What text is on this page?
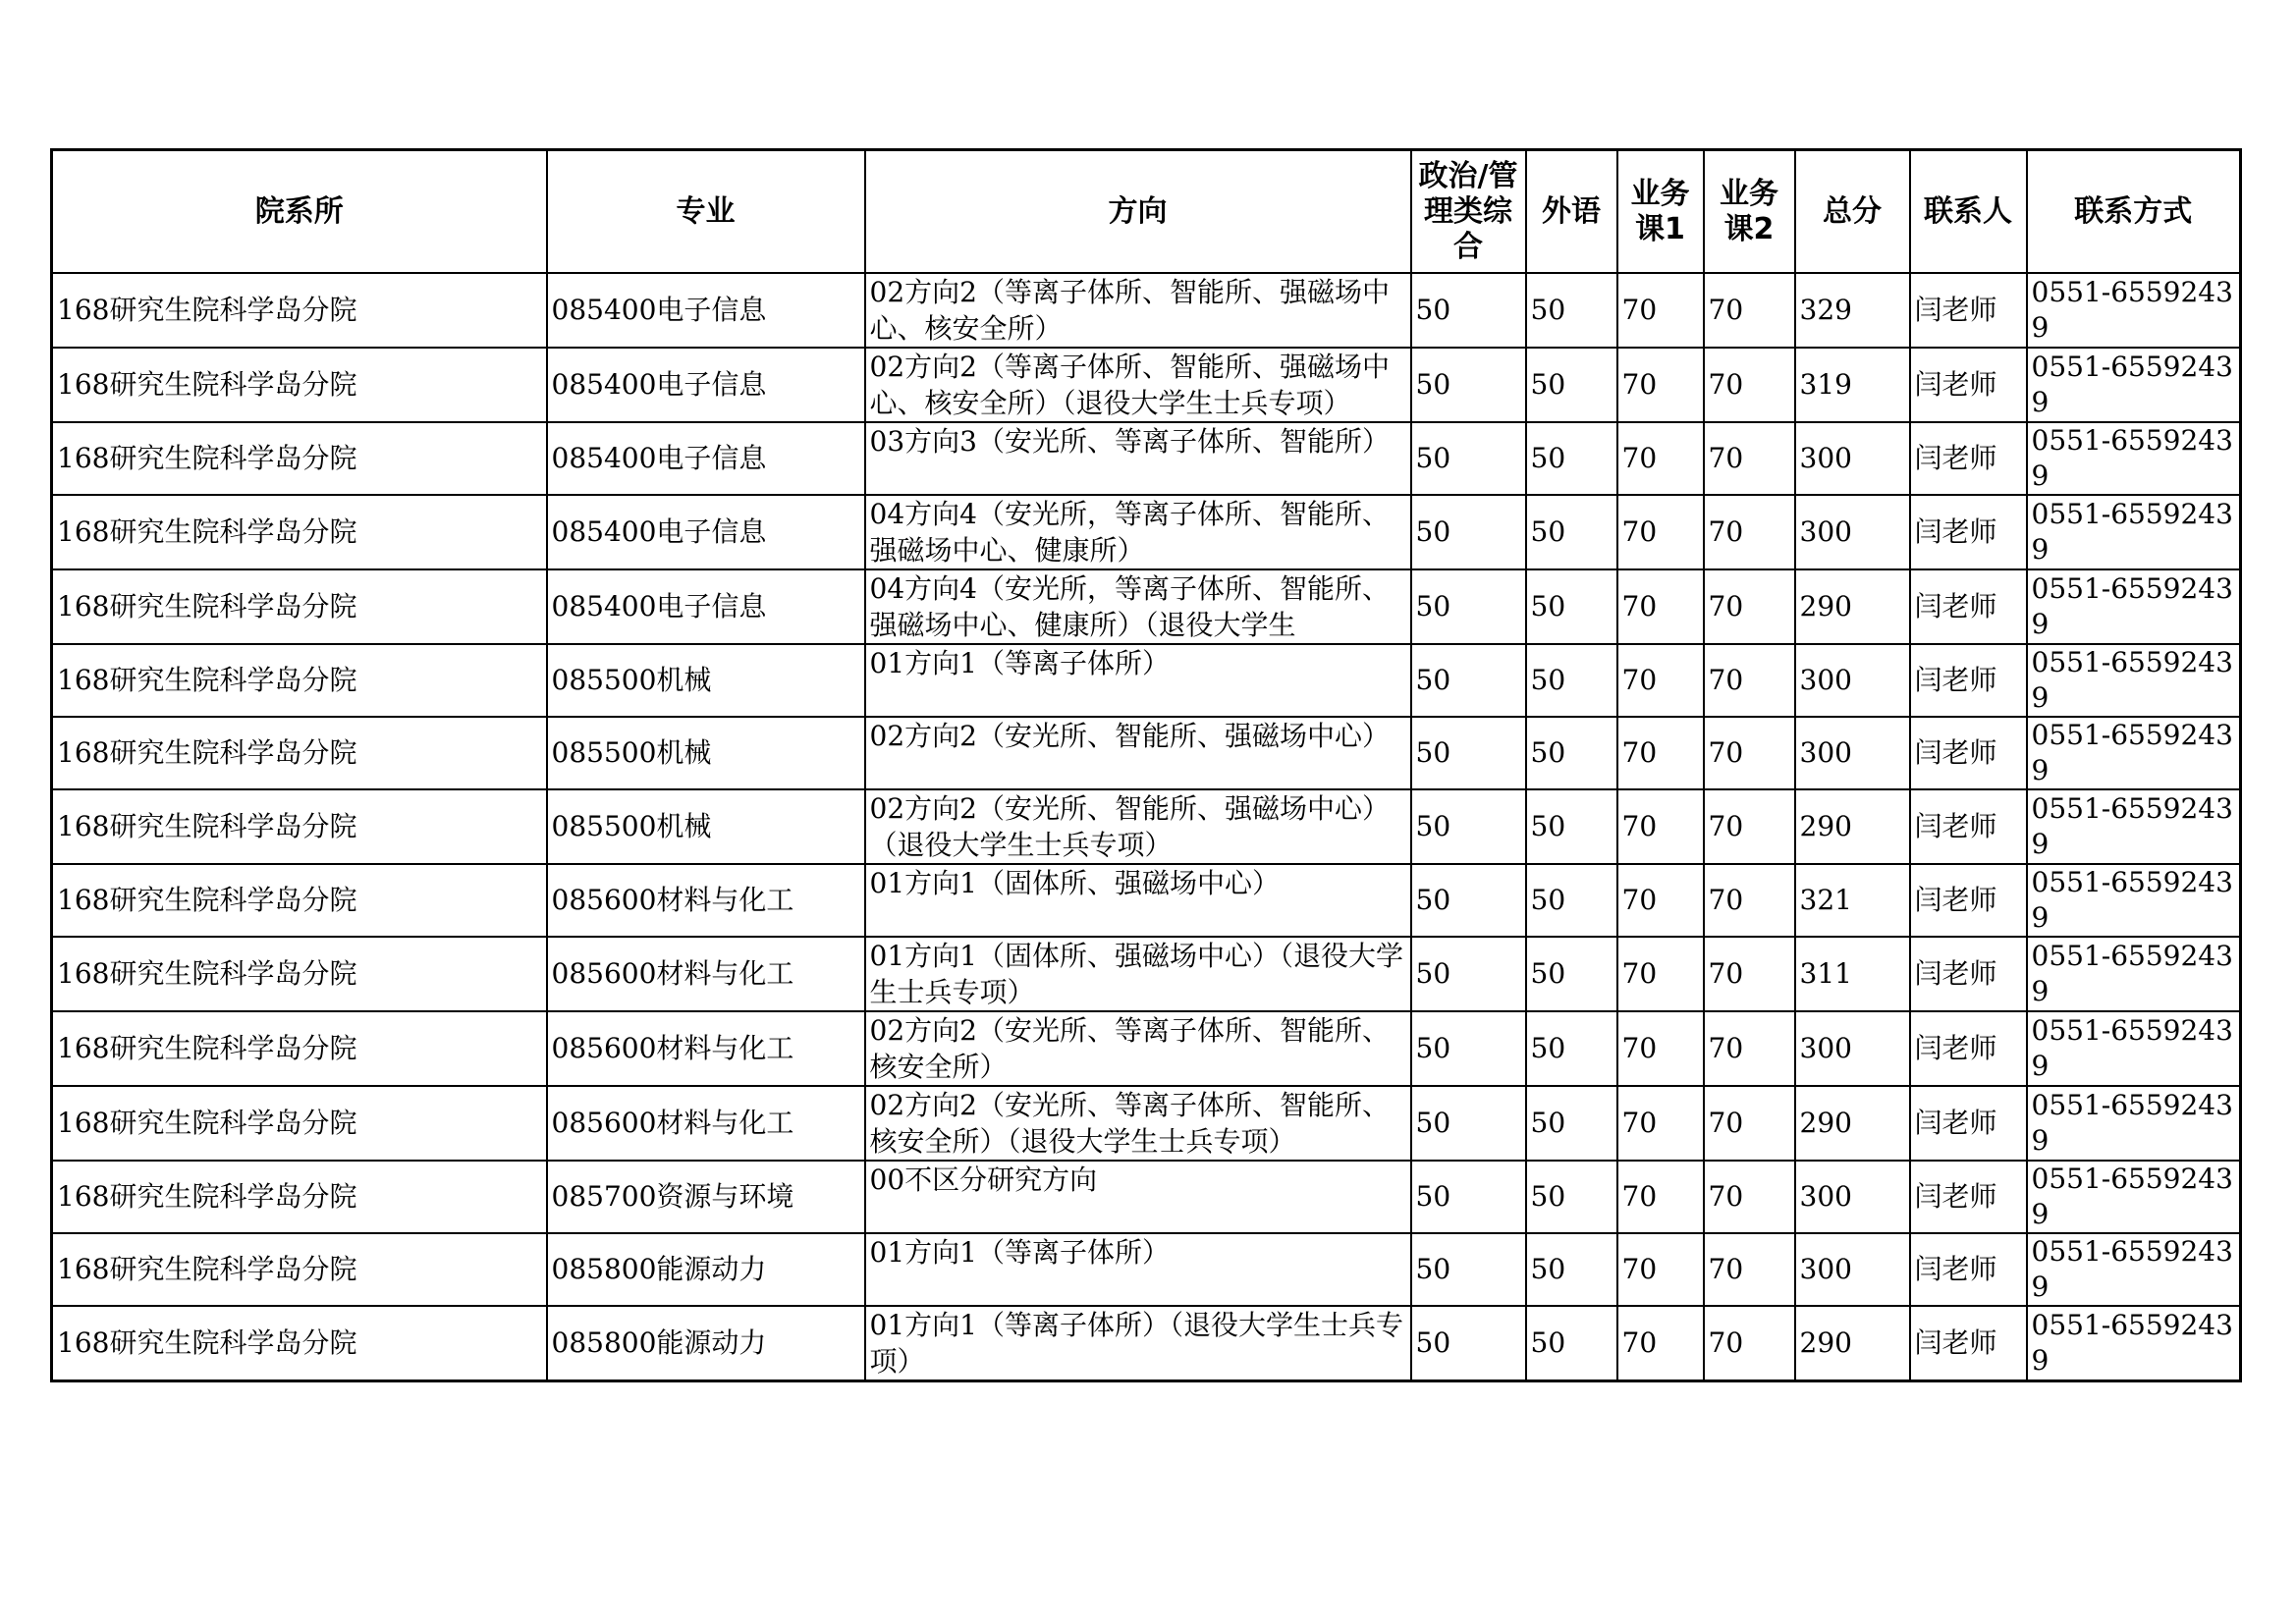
院系所	专业	方向	政治/管理类综合	外语	业务课1	业务课2	总分	联系人	联系方式
168研究生院科学岛分院	085400电子信息	02方向2（等离子体所、智能所、强磁场中心、核安全所）	50	50	70	70	329	闫老师	0551-65592439
168研究生院科学岛分院	085400电子信息	02方向2（等离子体所、智能所、强磁场中心、核安全所）（退役大学生士兵专项）	50	50	70	70	319	闫老师	0551-65592439
168研究生院科学岛分院	085400电子信息	03方向3（安光所、等离子体所、智能所）	50	50	70	70	300	闫老师	0551-65592439
168研究生院科学岛分院	085400电子信息	04方向4（安光所，等离子体所、智能所、强磁场中心、健康所）	50	50	70	70	300	闫老师	0551-65592439
168研究生院科学岛分院	085400电子信息	04方向4（安光所，等离子体所、智能所、强磁场中心、健康所）（退役大学生	50	50	70	70	290	闫老师	0551-65592439
168研究生院科学岛分院	085500机械	01方向1（等离子体所）	50	50	70	70	300	闫老师	0551-65592439
168研究生院科学岛分院	085500机械	02方向2（安光所、智能所、强磁场中心）	50	50	70	70	300	闫老师	0551-65592439
168研究生院科学岛分院	085500机械	02方向2（安光所、智能所、强磁场中心）（退役大学生士兵专项）	50	50	70	70	290	闫老师	0551-65592439
168研究生院科学岛分院	085600材料与化工	01方向1（固体所、强磁场中心）	50	50	70	70	321	闫老师	0551-65592439
168研究生院科学岛分院	085600材料与化工	01方向1（固体所、强磁场中心）（退役大学生士兵专项）	50	50	70	70	311	闫老师	0551-65592439
168研究生院科学岛分院	085600材料与化工	02方向2（安光所、等离子体所、智能所、核安全所）	50	50	70	70	300	闫老师	0551-65592439
168研究生院科学岛分院	085600材料与化工	02方向2（安光所、等离子体所、智能所、核安全所）（退役大学生士兵专项）	50	50	70	70	290	闫老师	0551-65592439
168研究生院科学岛分院	085700资源与环境	00不区分研究方向	50	50	70	70	300	闫老师	0551-65592439
168研究生院科学岛分院	085800能源动力	01方向1（等离子体所）	50	50	70	70	300	闫老师	0551-65592439
168研究生院科学岛分院	085800能源动力	01方向1（等离子体所）（退役大学生士兵专项）	50	50	70	70	290	闫老师	0551-65592439
